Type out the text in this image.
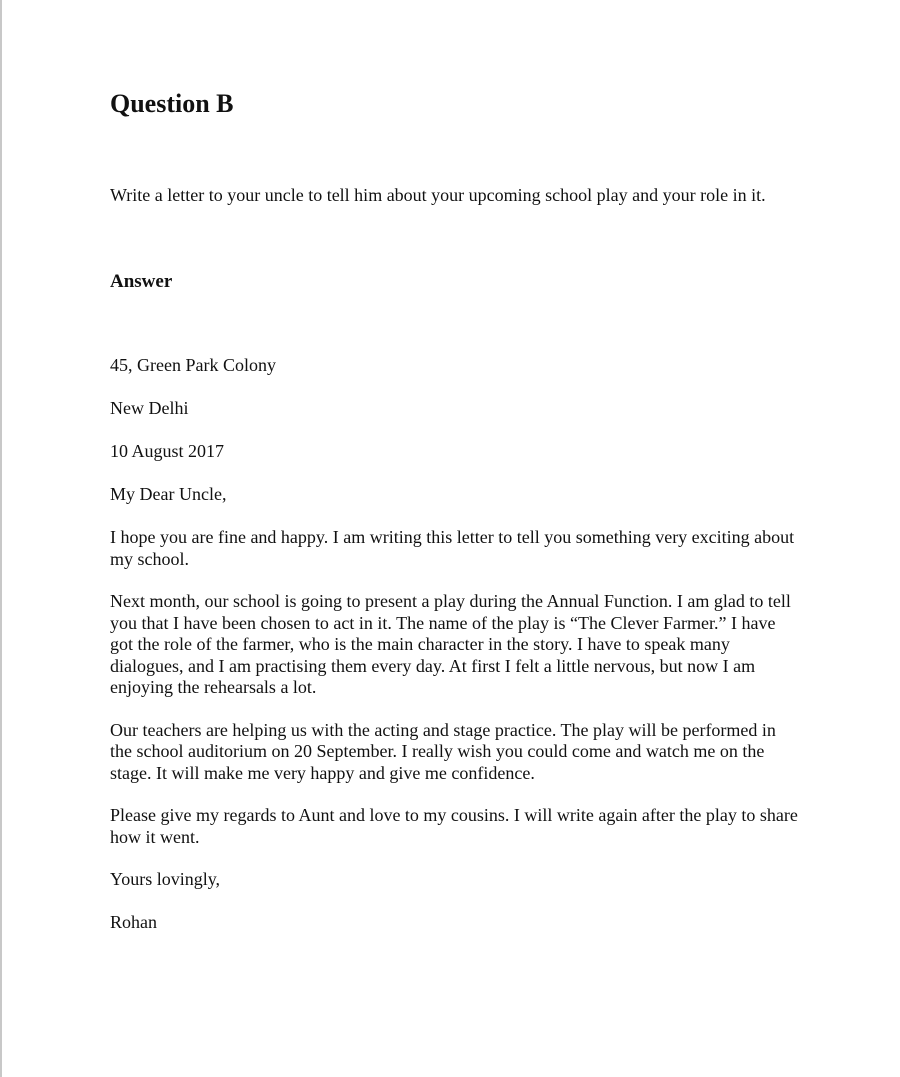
Question B

Write a letter to your uncle to tell him about your upcoming school play and your role in it.

Answer

45, Green Park Colony

New Delhi

10 August 2017

My Dear Uncle,

I hope you are fine and happy. I am writing this letter to tell you something very exciting about my school.

Next month, our school is going to present a play during the Annual Function. I am glad to tell you that I have been chosen to act in it. The name of the play is “The Clever Farmer.” I have got the role of the farmer, who is the main character in the story. I have to speak many dialogues, and I am practising them every day. At first I felt a little nervous, but now I am enjoying the rehearsals a lot.

Our teachers are helping us with the acting and stage practice. The play will be performed in the school auditorium on 20 September. I really wish you could come and watch me on the stage. It will make me very happy and give me confidence.

Please give my regards to Aunt and love to my cousins. I will write again after the play to share how it went.

Yours lovingly,

Rohan
